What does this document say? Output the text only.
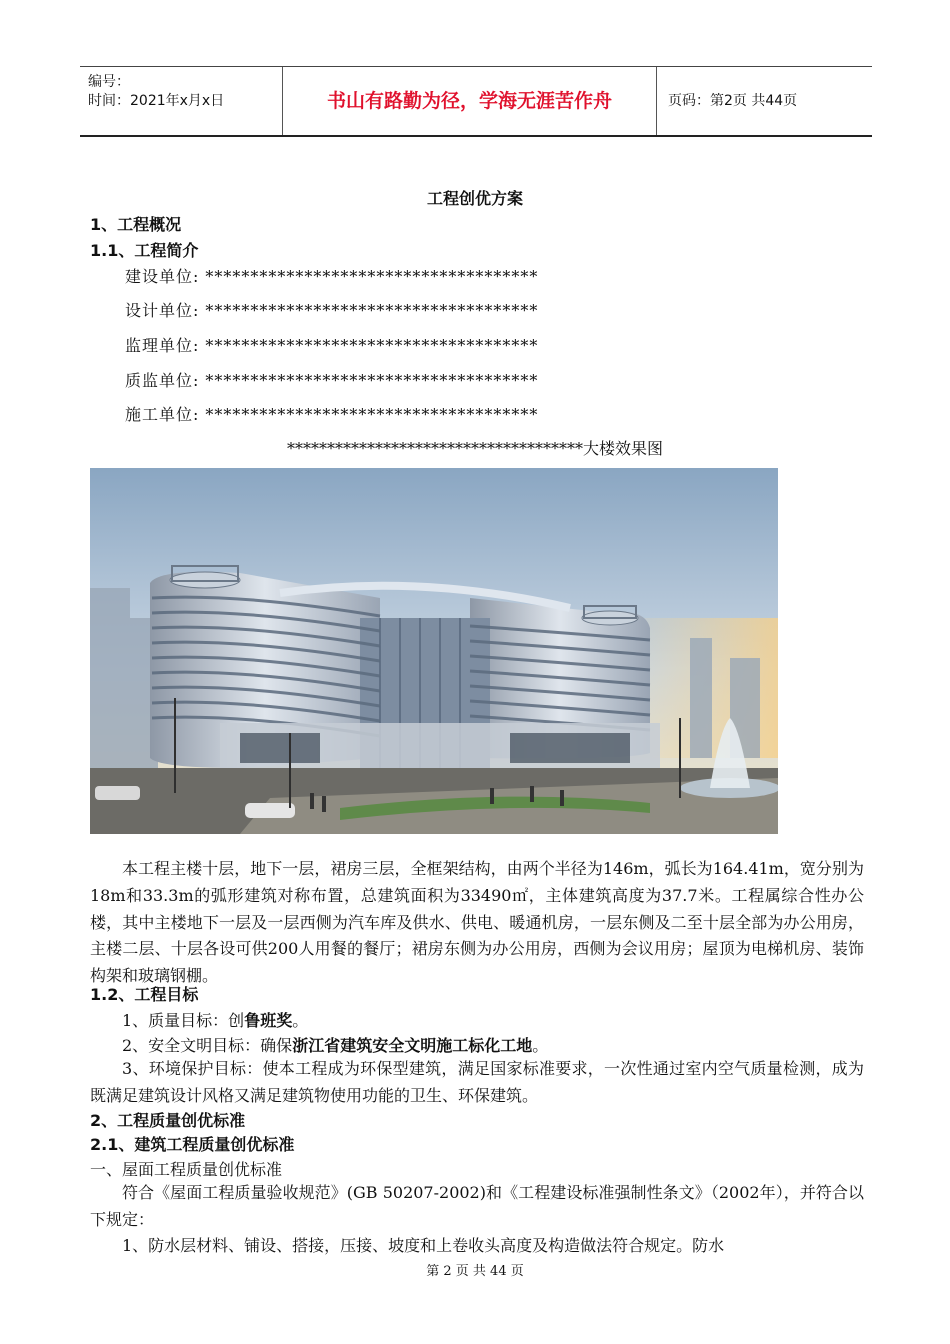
编号：
时间：2021年x月x日	书山有路勤为径，学海无涯苦作舟	页码：第2页 共44页
工程创优方案
1、工程概况
1.1、工程简介
建设单位: *************************************
设计单位: *************************************
监理单位: *************************************
质监单位: *************************************
施工单位: *************************************
*************************************大楼效果图
本工程主楼十层，地下一层，裙房三层，全框架结构，由两个半径为146m，弧长为164.41m，宽分别为18m和33.3m的弧形建筑对称布置，总建筑面积为33490㎡，主体建筑高度为37.7米。工程属综合性办公楼，其中主楼地下一层及一层西侧为汽车库及供水、供电、暖通机房，一层东侧及二至十层全部为办公用房，主楼二层、十层各设可供200人用餐的餐厅；裙房东侧为办公用房，西侧为会议用房；屋顶为电梯机房、装饰构架和玻璃钢棚。
1.2、工程目标
1、质量目标：创鲁班奖。
2、安全文明目标：确保浙江省建筑安全文明施工标化工地。
3、环境保护目标：使本工程成为环保型建筑，满足国家标准要求，一次性通过室内空气质量检测，成为既满足建筑设计风格又满足建筑物使用功能的卫生、环保建筑。
2、工程质量创优标准
2.1、建筑工程质量创优标准
一、屋面工程质量创优标准
符合《屋面工程质量验收规范》(GB 50207-2002)和《工程建设标准强制性条文》（2002年），并符合以下规定：
1、防水层材料、铺设、搭接，压接、坡度和上卷收头高度及构造做法符合规定。防水
第 2 页 共 44 页
